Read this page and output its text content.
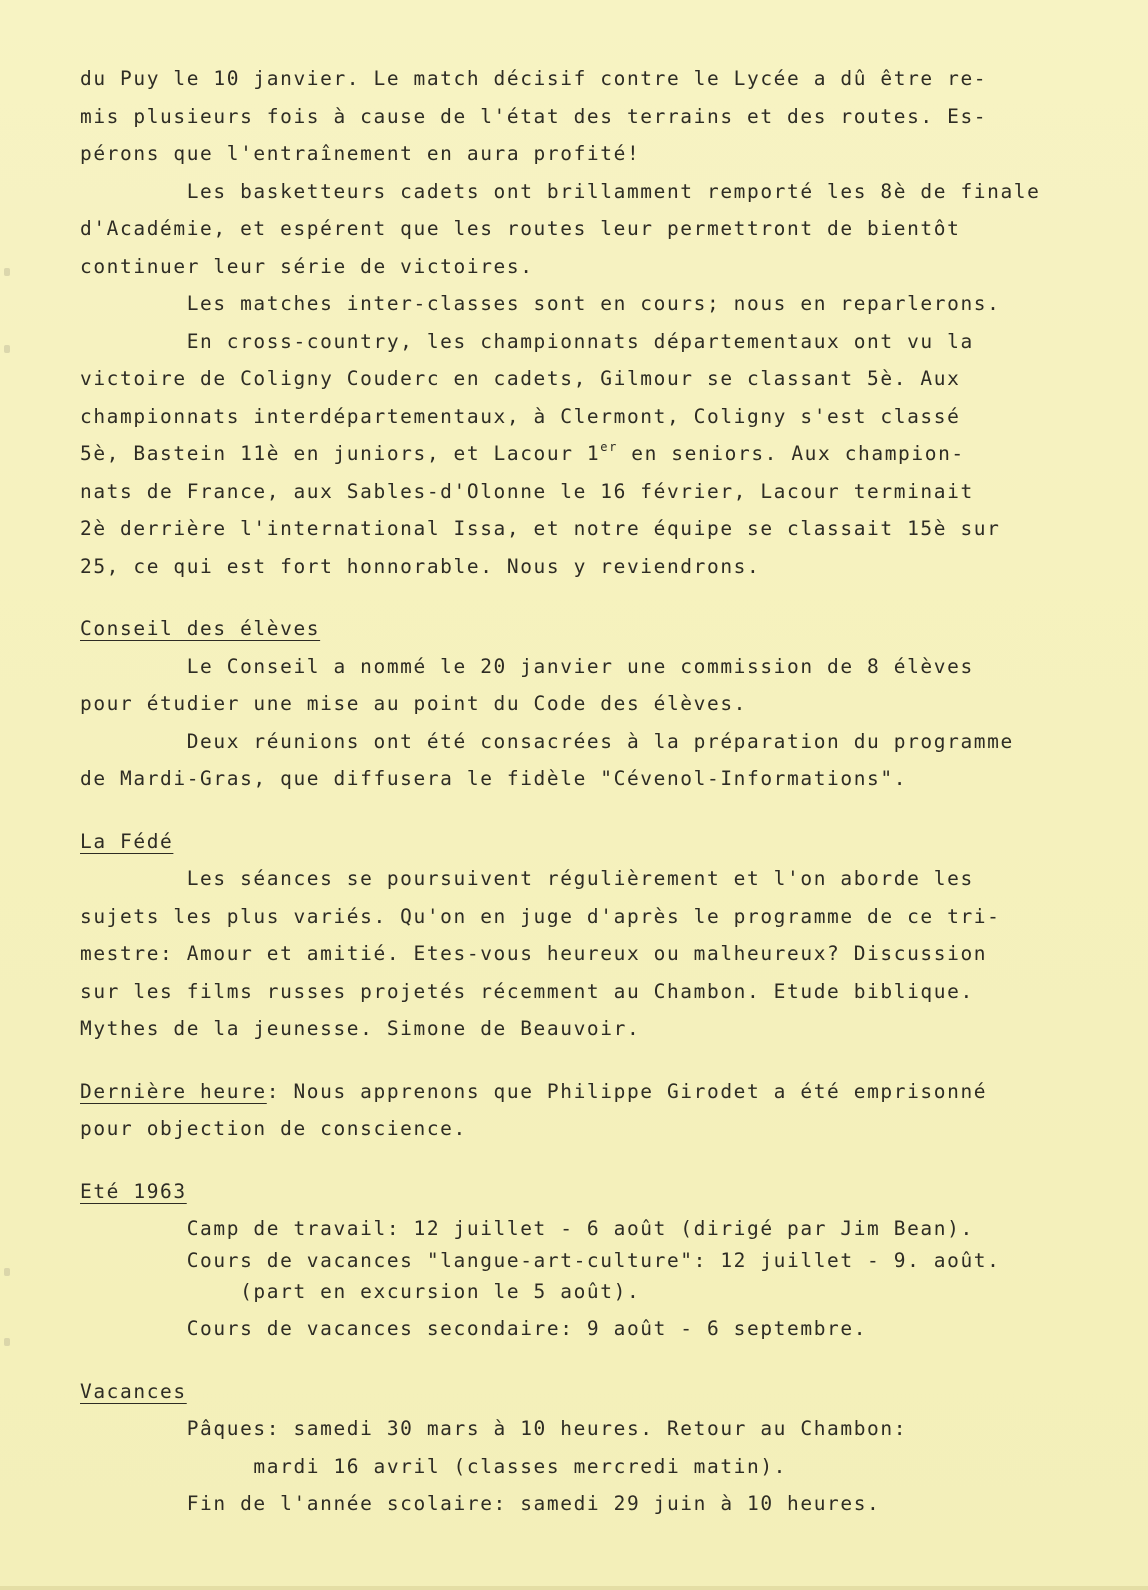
du Puy le 10 janvier. Le match décisif contre le Lycée a dû être re-
mis plusieurs fois à cause de l'état des terrains et des routes. Es-
pérons que l'entraînement en aura profité!
Les basketteurs cadets ont brillamment remporté les 8è de finale
d'Académie, et espérent que les routes leur permettront de bientôt
continuer leur série de victoires.
Les matches inter-classes sont en cours; nous en reparlerons.
En cross-country, les championnats départementaux ont vu la
victoire de Coligny Couderc en cadets, Gilmour se classant 5è. Aux
championnats interdépartementaux, à Clermont, Coligny s'est classé
5è, Bastein 11è en juniors, et Lacour 1er en seniors. Aux champion-
nats de France, aux Sables-d'Olonne le 16 février, Lacour terminait
2è derrière l'international Issa, et notre équipe se classait 15è sur
25, ce qui est fort honnorable. Nous y reviendrons.
Conseil des élèves
Le Conseil a nommé le 20 janvier une commission de 8 élèves
pour étudier une mise au point du Code des élèves.
Deux réunions ont été consacrées à la préparation du programme
de Mardi-Gras, que diffusera le fidèle "Cévenol-Informations".
La Fédé
Les séances se poursuivent régulièrement et l'on aborde les
sujets les plus variés. Qu'on en juge d'après le programme de ce tri-
mestre: Amour et amitié. Etes-vous heureux ou malheureux? Discussion
sur les films russes projetés récemment au Chambon. Etude biblique.
Mythes de la jeunesse. Simone de Beauvoir.
Dernière heure: Nous apprenons que Philippe Girodet a été emprisonné
pour objection de conscience.
Eté 1963
Camp de travail: 12 juillet - 6 août (dirigé par Jim Bean).
Cours de vacances "langue-art-culture": 12 juillet - 9. août.
(part en excursion le 5 août).
Cours de vacances secondaire: 9 août - 6 septembre.
Vacances
Pâques: samedi 30 mars à 10 heures. Retour au Chambon:
mardi 16 avril (classes mercredi matin).
Fin de l'année scolaire: samedi 29 juin à 10 heures.
